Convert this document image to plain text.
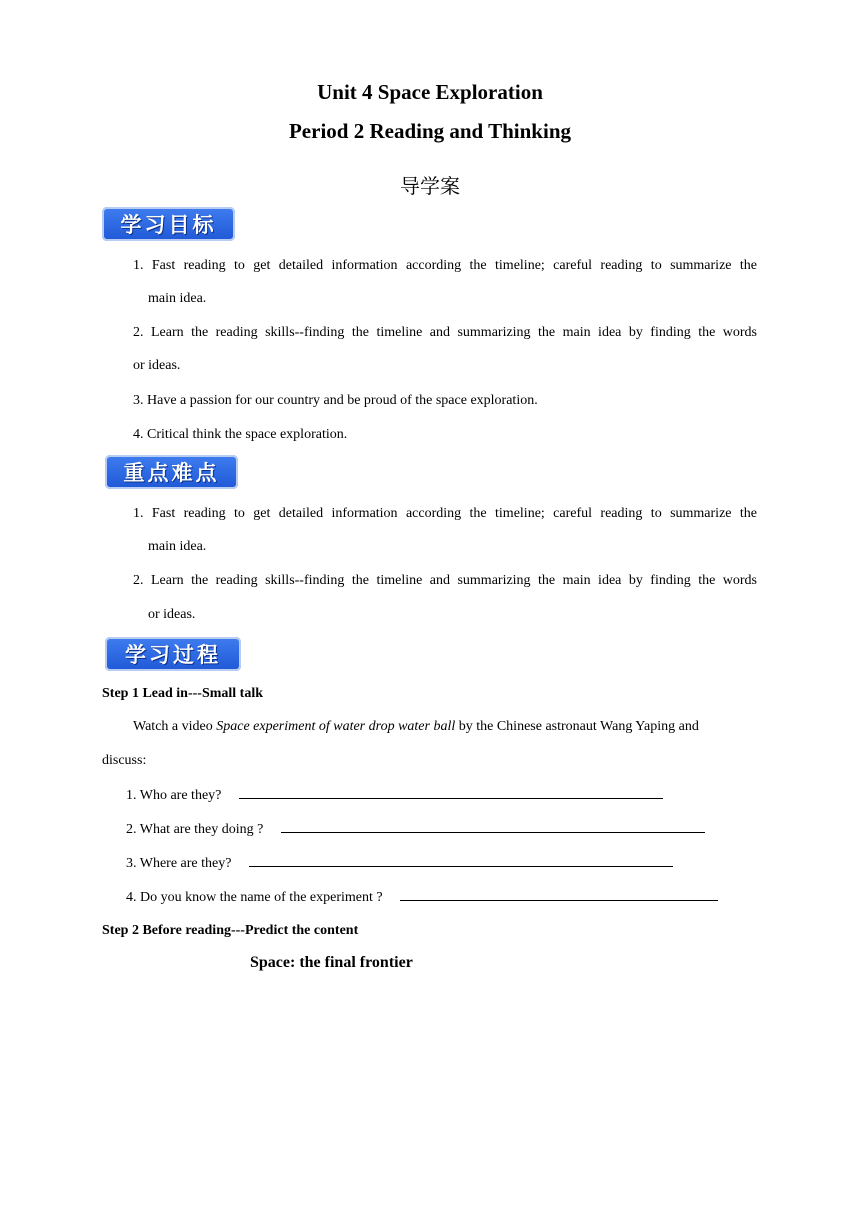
Unit 4 Space Exploration
Period 2 Reading and Thinking
导学案
学习目标
1. Fast reading to get detailed information according the timeline; careful reading to summarize the
main idea.
2. Learn the reading skills--finding the timeline and summarizing the main idea by finding the words
or ideas.
3. Have a passion for our country and be proud of the space exploration.
4. Critical think the space exploration.
重点难点
1. Fast reading to get detailed information according the timeline; careful reading to summarize the
main idea.
2. Learn the reading skills--finding the timeline and summarizing the main idea by finding the words
or ideas.
学习过程
Step 1 Lead in---Small talk
Watch a video Space experiment of water drop water ball by the Chinese astronaut Wang Yaping and
discuss:
1. Who are they?
2. What are they doing ?
3. Where are they?
4. Do you know the name of the experiment ?
Step 2 Before reading---Predict the content
Space: the final frontier
